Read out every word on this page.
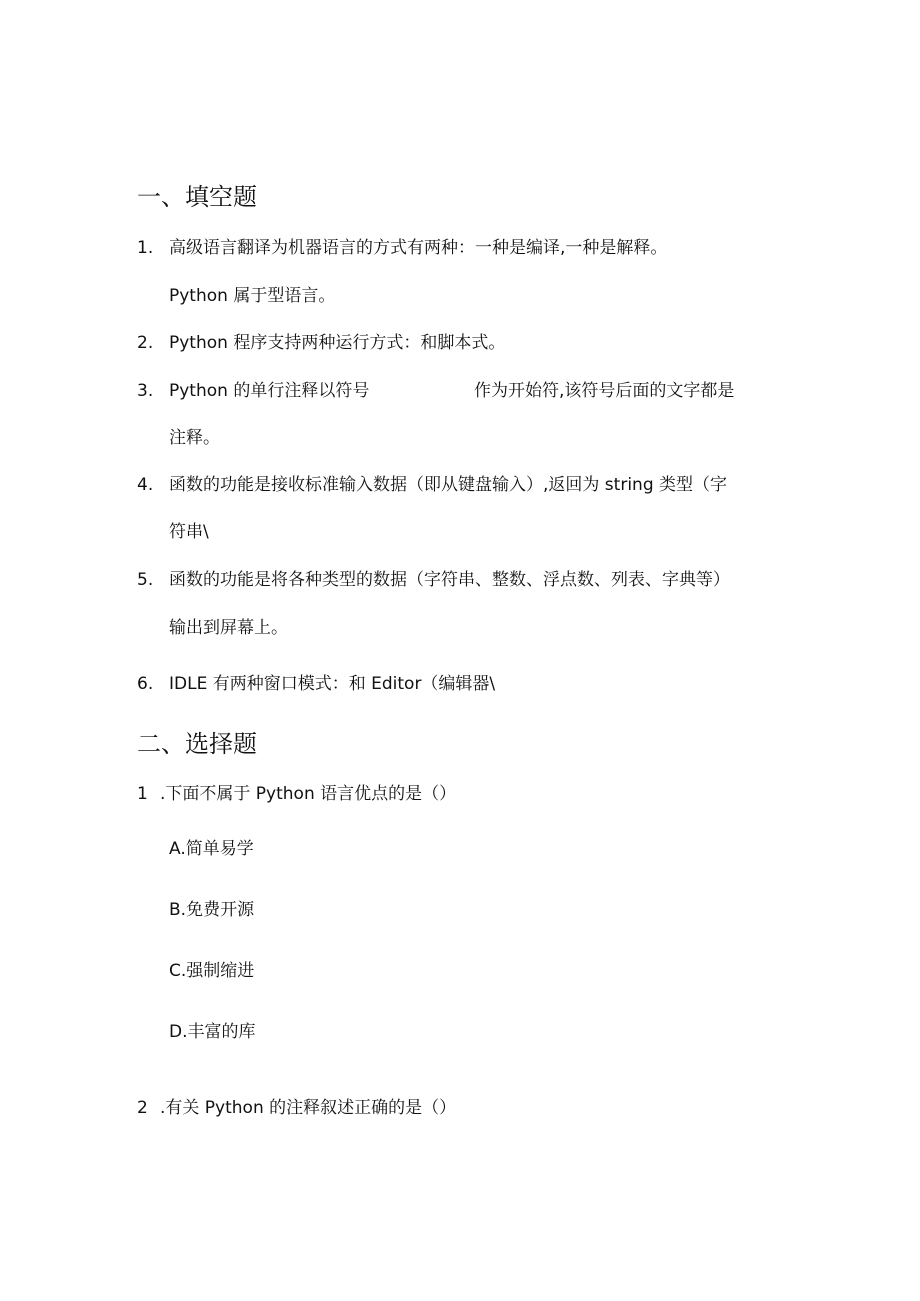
一、填空题
1. 高级语言翻译为机器语言的方式有两种：一种是编译,一种是解释。
Python 属于型语言。
2. Python 程序支持两种运行方式：和脚本式。
3. Python 的单行注释以符号	作为开始符,该符号后面的文字都是
注释。
4. 函数的功能是接收标准输入数据（即从键盘输入）,返回为 string 类型（字
符串\
5. 函数的功能是将各种类型的数据（字符串、整数、浮点数、列表、字典等）
输出到屏幕上。
6. IDLE 有两种窗口模式：和 Editor（编辑器\
二、选择题
1 .下面不属于 Python 语言优点的是（）
A.简单易学
B.免费开源
C.强制缩进
D.丰富的库
2 .有关 Python 的注释叙述正确的是（）
